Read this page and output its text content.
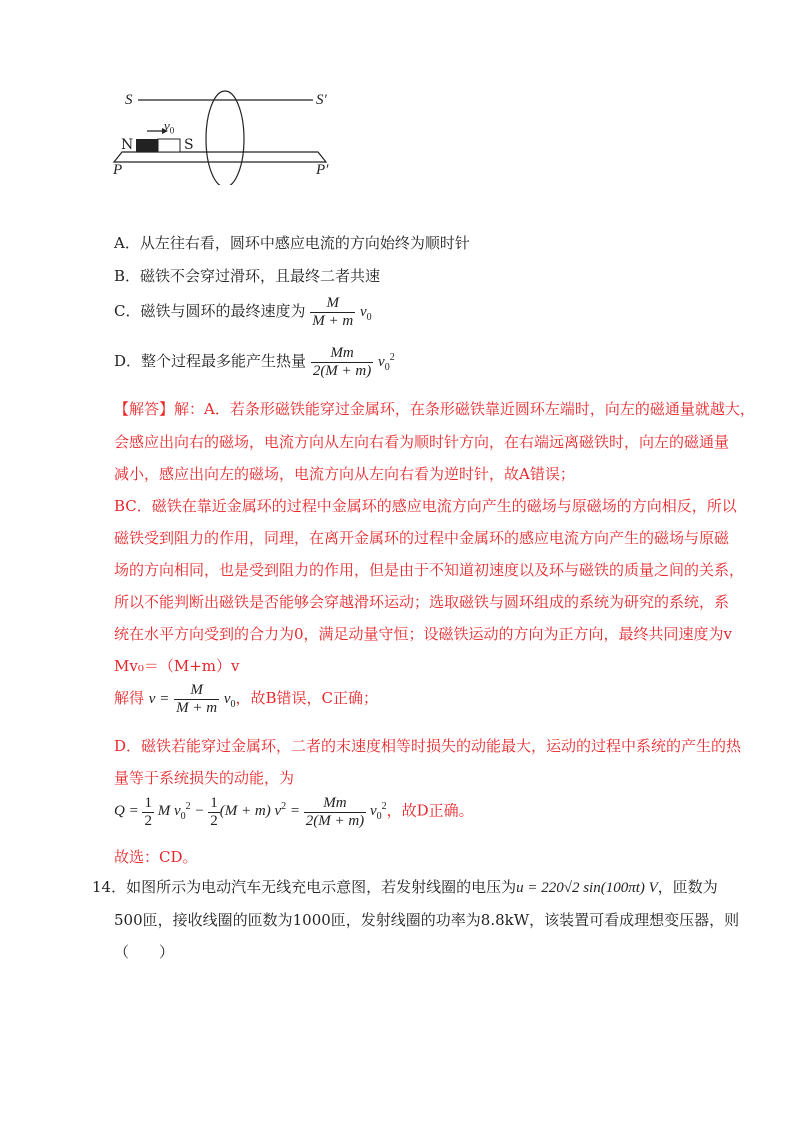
S	S′
P	P′
N	S
$v_0$
A．从左往右看，圆环中感应电流的方向始终为顺时针
B．磁铁不会穿过滑环，且最终二者共速
C．磁铁与圆环的最终速度为 $\frac{M}{M + m} v_0$
D．整个过程最多能产生热量 $\frac{Mm}{2(M + m)} v_0^2$
【解答】解：A．若条形磁铁能穿过金属环，在条形磁铁靠近圆环左端时，向左的磁通量就越大，
会感应出向右的磁场，电流方向从左向右看为顺时针方向，在右端远离磁铁时，向左的磁通量
减小，感应出向左的磁场，电流方向从左向右看为逆时针，故A错误；
BC．磁铁在靠近金属环的过程中金属环的感应电流方向产生的磁场与原磁场的方向相反，所以
磁铁受到阻力的作用，同理，在离开金属环的过程中金属环的感应电流方向产生的磁场与原磁
场的方向相同，也是受到阻力的作用，但是由于不知道初速度以及环与磁铁的质量之间的关系，
所以不能判断出磁铁是否能够会穿越滑环运动；选取磁铁与圆环组成的系统为研究的系统，系
统在水平方向受到的合力为0，满足动量守恒；设磁铁运动的方向为正方向，最终共同速度为v
Mv₀＝（M+m）v
解得 $v = \frac{M}{M + m} v_0$，故B错误，C正确；
D．磁铁若能穿过金属环，二者的末速度相等时损失的动能最大，运动的过程中系统的产生的热
量等于系统损失的动能，为
$Q = \frac{1}{2}$ M $v_0^2 - \frac{1}{2} (M + m) v^2 = \frac{Mm}{2(M + m)} v_0^2$，故D正确。
故选：CD。
14．如图所示为电动汽车无线充电示意图，若发射线圈的电压为u = 220√2 sin(100πt) V，匝数为
500匝，接收线圈的匝数为1000匝，发射线圈的功率为8.8kW，该装置可看成理想变压器，则
（　　）
